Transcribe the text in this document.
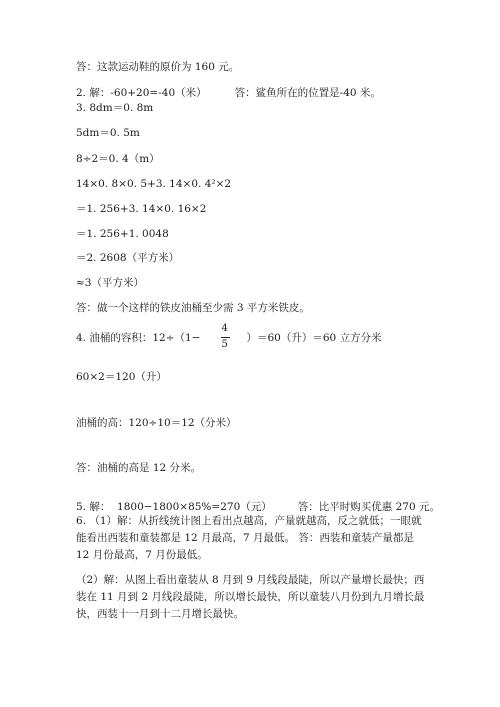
答：这款运动鞋的原价为 160 元。
2. 解：-60+20=-40（米）	答：鲨鱼所在的位置是-40 米。
3. 8dm＝0. 8m
5dm＝0. 5m
8÷2＝0. 4（m）
14×0. 8×0. 5+3. 14×0. 4²×2
＝1. 256+3. 14×0. 16×2
＝1. 256+1. 0048
＝2. 2608（平方米）
≈3（平方米）
答：做一个这样的铁皮油桶至少需 3 平方米铁皮。
4. 油桶的容积：$12\div(1- \frac{4}{5} )=60$（升）＝60 立方分米
60×2＝120（升）
油桶的高：120÷10＝12（分米）
答：油桶的高是 12 分米。
5. 解：  1800−1800×85%=270（元） 答：比平时购买优惠 270 元。
6. （1）解：从折线统计图上看出点越高，产量就越高，反之就低；一眼就能看出西装和童装都是 12 月最高，7 月最低。 答：西装和童装产量都是 12 月份最高，7 月份最低。
（2）解：从图上看出童装从 8 月到 9 月线段最陡，所以产量增长最快；西装在 11 月到 2 月线段最陡，所以增长最快，所以童装八月份到九月增长最快，西装十一月到十二月增长最快。
